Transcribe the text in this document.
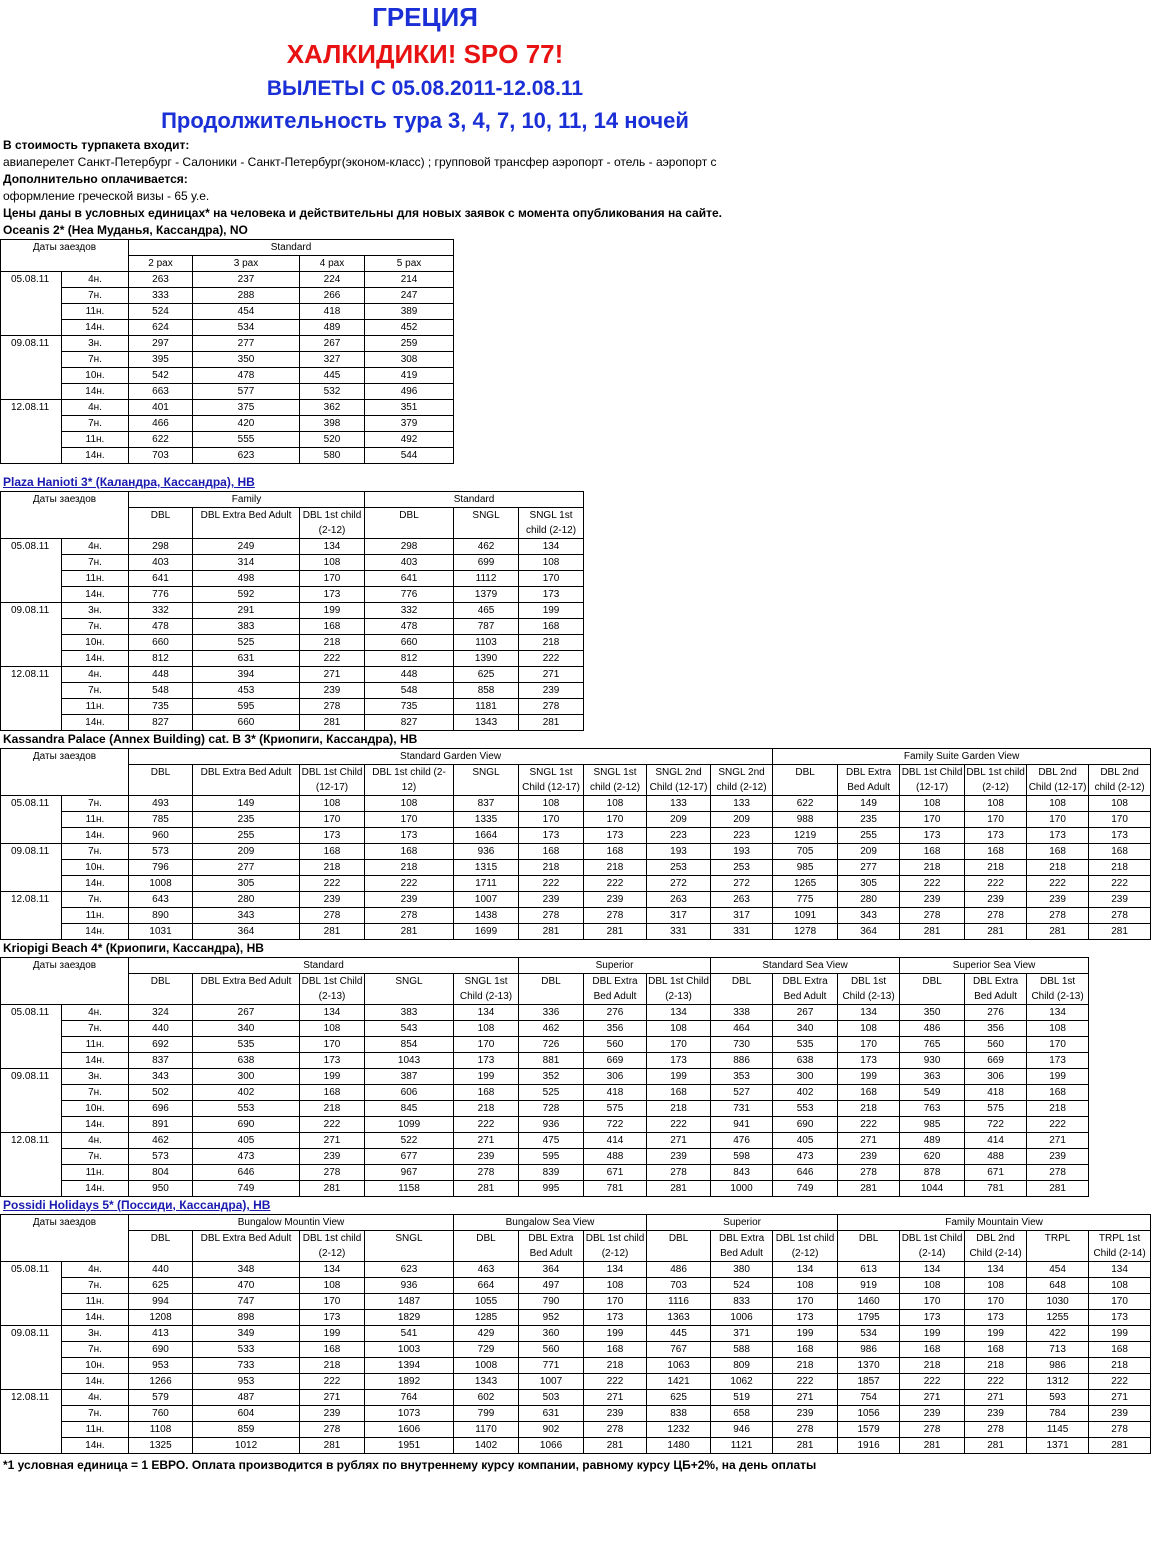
ГРЕЦИЯ
ХАЛКИДИКИ! SPO 77!
ВЫЛЕТЫ С 05.08.2011-12.08.11
Продолжительность тура 3, 4, 7, 10, 11, 14 ночей
В стоимость турпакета входит:
авиаперелет Санкт-Петербург - Салоники - Санкт-Петербург(эконом-класс) ; групповой трансфер аэропорт - отель - аэропорт с
Дополнительно оплачивается:
оформление греческой визы - 65 у.е.
Цены даны в условных единицах* на человека и действительны для новых заявок с момента опубликования на сайте.
Oceanis 2* (Неа Муданья, Кассандра), NO
Даты заездов		Standard			
		2 pax	3 pax	4 pax	5 pax
05.08.11	4н.	263	237	224	214
	7н.	333	288	266	247
	11н.	524	454	418	389
	14н.	624	534	489	452
09.08.11	3н.	297	277	267	259
	7н.	395	350	327	308
	10н.	542	478	445	419
	14н.	663	577	532	496
12.08.11	4н.	401	375	362	351
	7н.	466	420	398	379
	11н.	622	555	520	492
	14н.	703	623	580	544
Plaza Hanioti 3* (Каландра, Кассандра), HB
Даты заездов		Family			Standard		
		DBL	DBL Extra Bed Adult	DBL 1st child (2-12)	DBL	SNGL	SNGL 1st child (2-12)
05.08.11	4н.	298	249	134	298	462	134
	7н.	403	314	108	403	699	108
	11н.	641	498	170	641	1112	170
	14н.	776	592	173	776	1379	173
09.08.11	3н.	332	291	199	332	465	199
	7н.	478	383	168	478	787	168
	10н.	660	525	218	660	1103	218
	14н.	812	631	222	812	1390	222
12.08.11	4н.	448	394	271	448	625	271
	7н.	548	453	239	548	858	239
	11н.	735	595	278	735	1181	278
	14н.	827	660	281	827	1343	281
Kassandra Palace (Annex Building) cat. B 3* (Криопиги, Кассандра), HB
Даты заездов		Standard Garden View									Family Suite Garden View					
		DBL	DBL Extra Bed Adult	DBL 1st Child (12-17)	DBL 1st child (2-12)	SNGL	SNGL 1st Child (12-17)	SNGL 1st child (2-12)	SNGL 2nd Child (12-17)	SNGL 2nd child (2-12)	DBL	DBL Extra Bed Adult	DBL 1st Child (12-17)	DBL 1st child (2-12)	DBL 2nd Child (12-17)	DBL 2nd child (2-12)
05.08.11	7н.	493	149	108	108	837	108	108	133	133	622	149	108	108	108	108
	11н.	785	235	170	170	1335	170	170	209	209	988	235	170	170	170	170
	14н.	960	255	173	173	1664	173	173	223	223	1219	255	173	173	173	173
09.08.11	7н.	573	209	168	168	936	168	168	193	193	705	209	168	168	168	168
	10н.	796	277	218	218	1315	218	218	253	253	985	277	218	218	218	218
	14н.	1008	305	222	222	1711	222	222	272	272	1265	305	222	222	222	222
12.08.11	7н.	643	280	239	239	1007	239	239	263	263	775	280	239	239	239	239
	11н.	890	343	278	278	1438	278	278	317	317	1091	343	278	278	278	278
	14н.	1031	364	281	281	1699	281	281	331	331	1278	364	281	281	281	281
Kriopigi Beach 4* (Криопиги, Кассандра), HB
Даты заездов		Standard					Superior			Standard Sea View			Superior Sea View		
		DBL	DBL Extra Bed Adult	DBL 1st Child (2-13)	SNGL	SNGL 1st Child (2-13)	DBL	DBL Extra Bed Adult	DBL 1st Child (2-13)	DBL	DBL Extra Bed Adult	DBL 1st Child (2-13)	DBL	DBL Extra Bed Adult	DBL 1st Child (2-13)
05.08.11	4н.	324	267	134	383	134	336	276	134	338	267	134	350	276	134
	7н.	440	340	108	543	108	462	356	108	464	340	108	486	356	108
	11н.	692	535	170	854	170	726	560	170	730	535	170	765	560	170
	14н.	837	638	173	1043	173	881	669	173	886	638	173	930	669	173
09.08.11	3н.	343	300	199	387	199	352	306	199	353	300	199	363	306	199
	7н.	502	402	168	606	168	525	418	168	527	402	168	549	418	168
	10н.	696	553	218	845	218	728	575	218	731	553	218	763	575	218
	14н.	891	690	222	1099	222	936	722	222	941	690	222	985	722	222
12.08.11	4н.	462	405	271	522	271	475	414	271	476	405	271	489	414	271
	7н.	573	473	239	677	239	595	488	239	598	473	239	620	488	239
	11н.	804	646	278	967	278	839	671	278	843	646	278	878	671	278
	14н.	950	749	281	1158	281	995	781	281	1000	749	281	1044	781	281
Possidi Holidays 5* (Поссиди, Кассандра), HB
Даты заездов		Bungalow Mountin View				Bungalow Sea View			Superior			Family Mountain View				
		DBL	DBL Extra Bed Adult	DBL 1st child (2-12)	SNGL	DBL	DBL Extra Bed Adult	DBL 1st child (2-12)	DBL	DBL Extra Bed Adult	DBL 1st child (2-12)	DBL	DBL 1st Child (2-14)	DBL 2nd Child (2-14)	TRPL	TRPL 1st Child (2-14)
05.08.11	4н.	440	348	134	623	463	364	134	486	380	134	613	134	134	454	134
	7н.	625	470	108	936	664	497	108	703	524	108	919	108	108	648	108
	11н.	994	747	170	1487	1055	790	170	1116	833	170	1460	170	170	1030	170
	14н.	1208	898	173	1829	1285	952	173	1363	1006	173	1795	173	173	1255	173
09.08.11	3н.	413	349	199	541	429	360	199	445	371	199	534	199	199	422	199
	7н.	690	533	168	1003	729	560	168	767	588	168	986	168	168	713	168
	10н.	953	733	218	1394	1008	771	218	1063	809	218	1370	218	218	986	218
	14н.	1266	953	222	1892	1343	1007	222	1421	1062	222	1857	222	222	1312	222
12.08.11	4н.	579	487	271	764	602	503	271	625	519	271	754	271	271	593	271
	7н.	760	604	239	1073	799	631	239	838	658	239	1056	239	239	784	239
	11н.	1108	859	278	1606	1170	902	278	1232	946	278	1579	278	278	1145	278
	14н.	1325	1012	281	1951	1402	1066	281	1480	1121	281	1916	281	281	1371	281
*1 условная единица = 1 ЕВРО. Оплата производится в рублях по внутреннему курсу компании, равному курсу ЦБ+2%, на день оплаты
